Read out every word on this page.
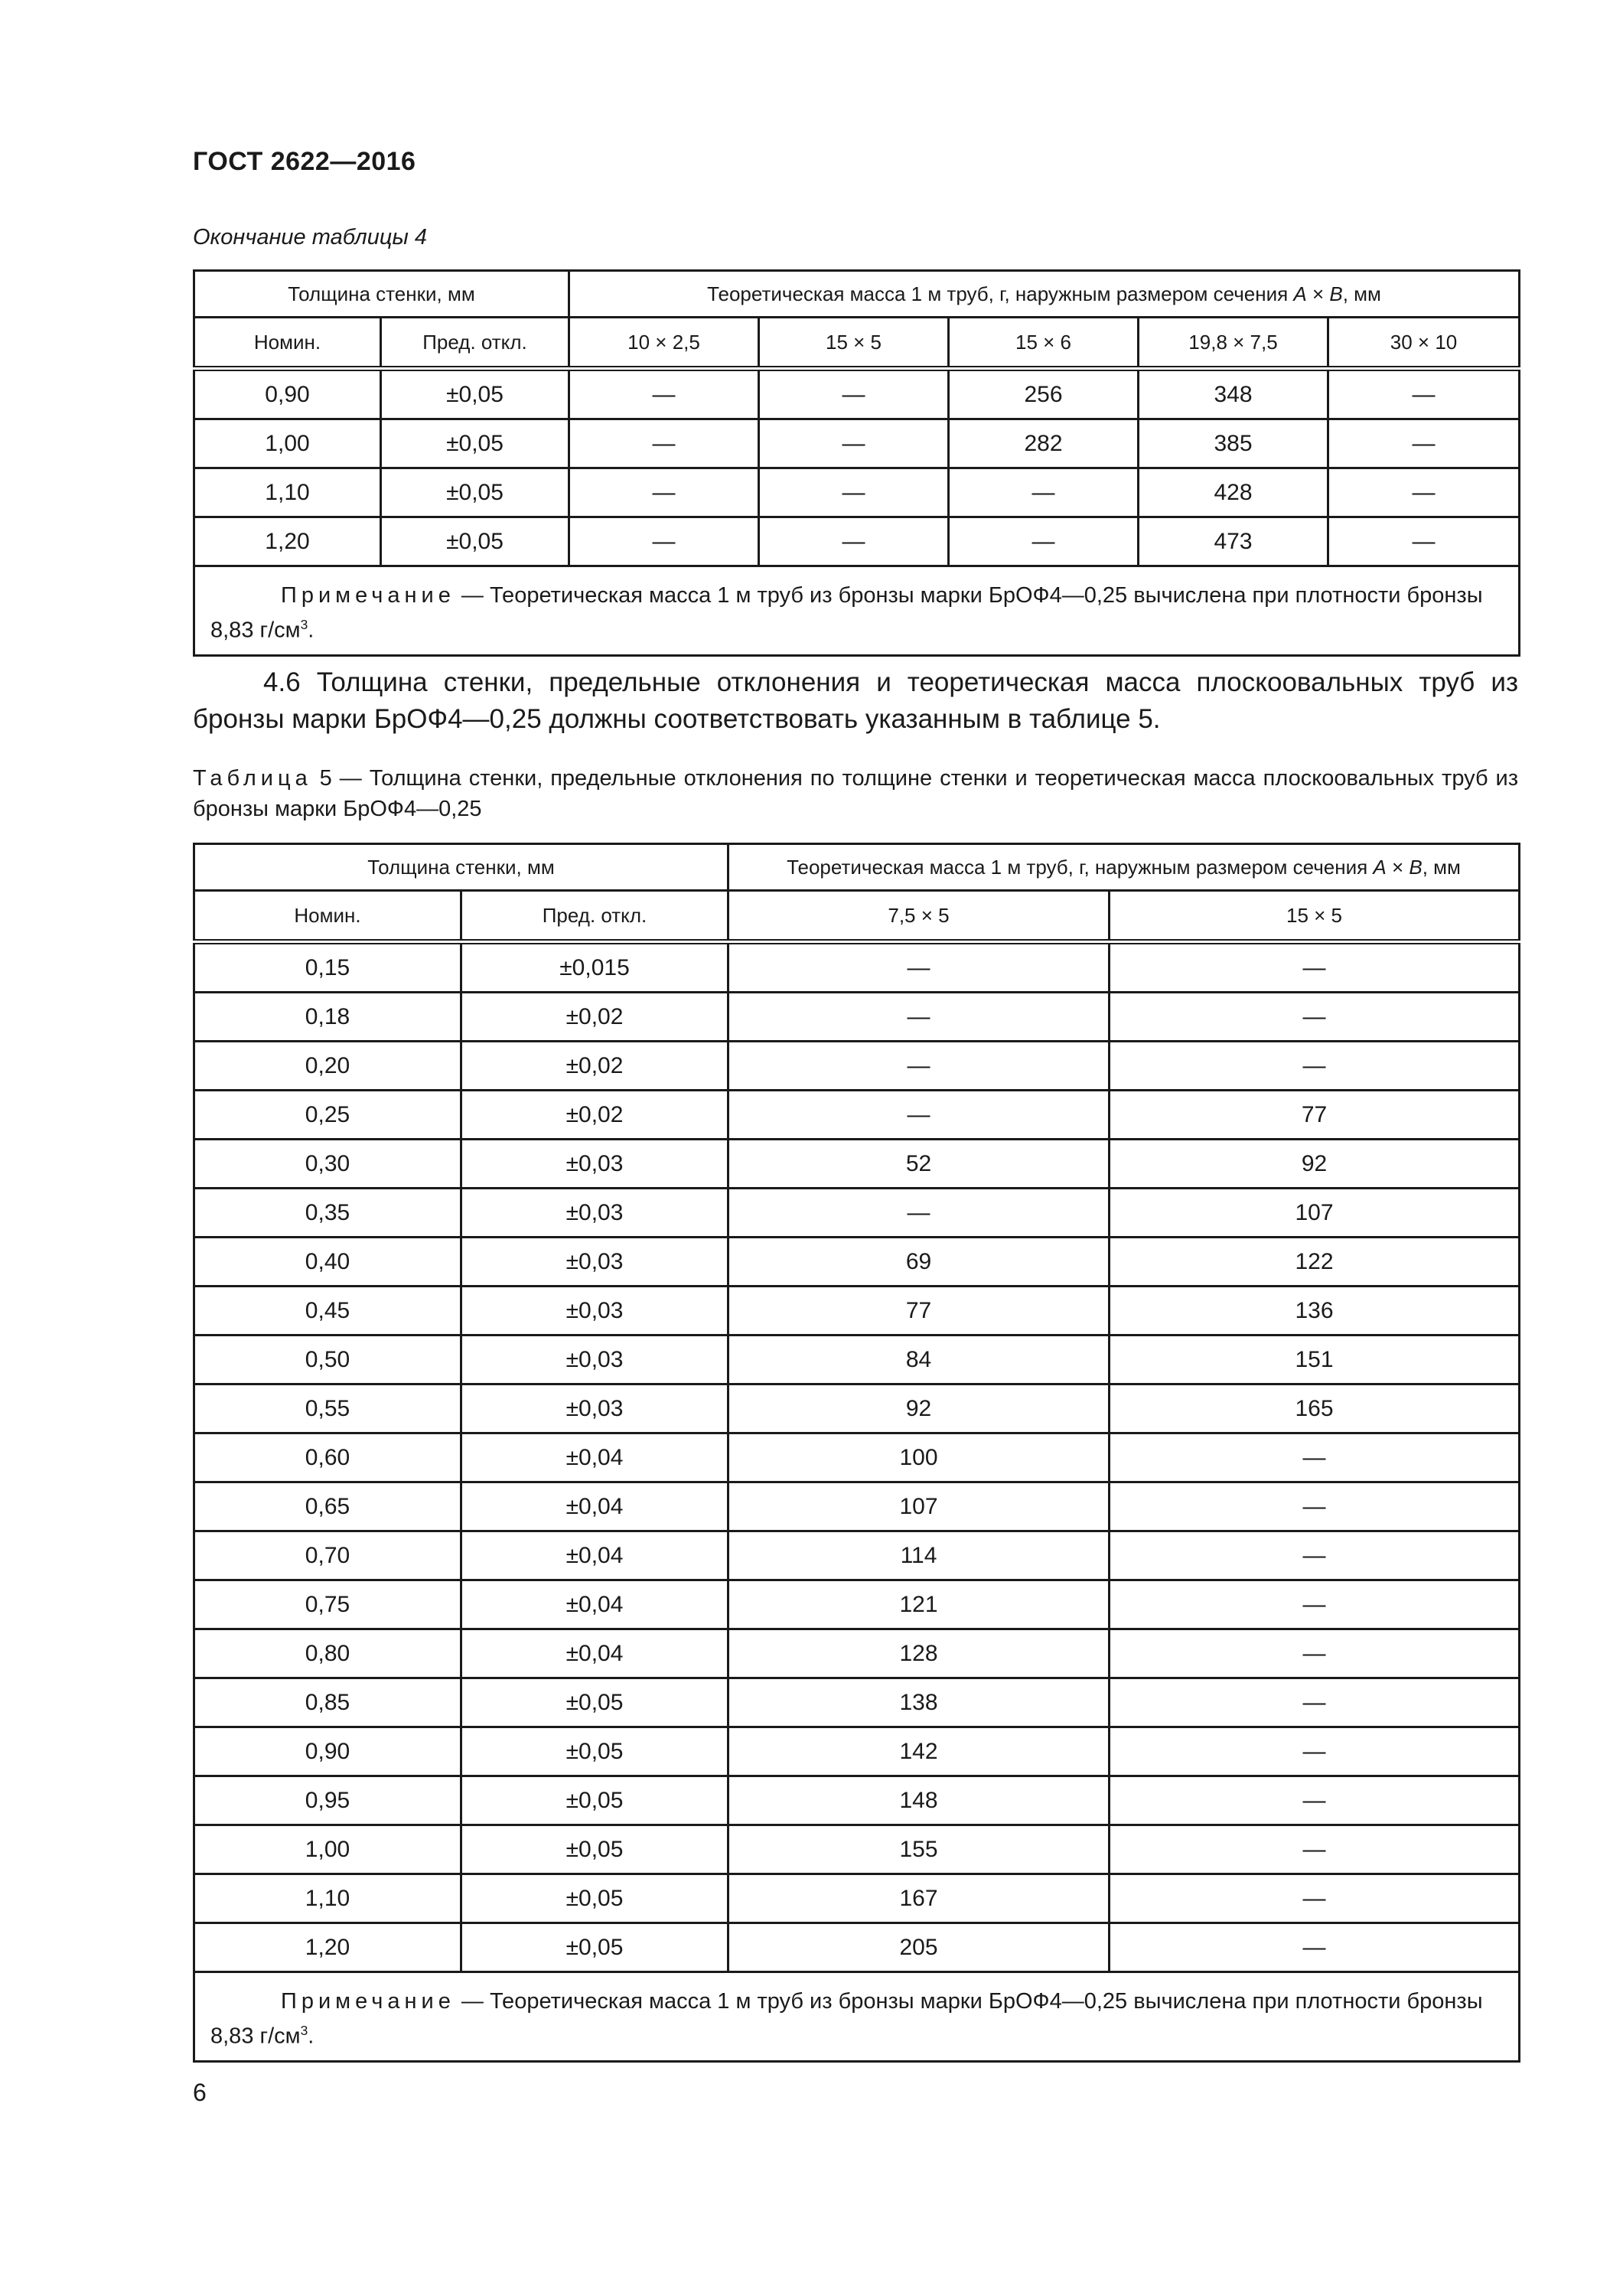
ГОСТ 2622—2016
Окончание таблицы 4
Толщина стенки, мм		Теоретическая масса 1 м труб, г, наружным размером сечения А × В, мм				
Номин.	Пред. откл.	10 × 2,5	15 × 5	15 × 6	19,8 × 7,5	30 × 10
0,90	±0,05	—	—	256	348	—
1,00	±0,05	—	—	282	385	—
1,10	±0,05	—	—	—	428	—
1,20	±0,05	—	—	—	473	—
Примечание — Теоретическая масса 1 м труб из бронзы марки БрОФ4—0,25 вычислена при плотности бронзы 8,83 $г/см^3$.						
4.6 Толщина стенки, предельные отклонения и теоретическая масса плоскоовальных труб из бронзы марки БрОФ4—0,25 должны соответствовать указанным в таблице 5.
Таблица 5 — Толщина стенки, предельные отклонения по толщине стенки и теоретическая масса плоскоовальных труб из бронзы марки БрОФ4—0,25
Толщина стенки, мм		Теоретическая масса 1 м труб, г, наружным размером сечения А × В, мм	
Номин.	Пред. откл.	7,5 × 5	15 × 5
0,15	±0,015	—	—
0,18	±0,02	—	—
0,20	±0,02	—	—
0,25	±0,02	—	77
0,30	±0,03	52	92
0,35	±0,03	—	107
0,40	±0,03	69	122
0,45	±0,03	77	136
0,50	±0,03	84	151
0,55	±0,03	92	165
0,60	±0,04	100	—
0,65	±0,04	107	—
0,70	±0,04	114	—
0,75	±0,04	121	—
0,80	±0,04	128	—
0,85	±0,05	138	—
0,90	±0,05	142	—
0,95	±0,05	148	—
1,00	±0,05	155	—
1,10	±0,05	167	—
1,20	±0,05	205	—
Примечание — Теоретическая масса 1 м труб из бронзы марки БрОФ4—0,25 вычислена при плотности бронзы 8,83 $г/см^3$.			
6
